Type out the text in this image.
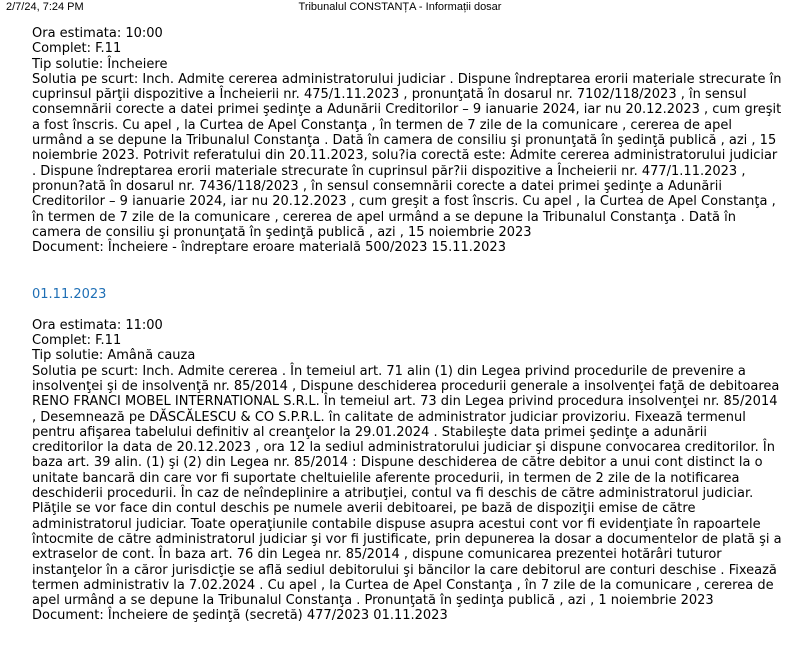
2/7/24, 7:24 PM	Tribunalul CONSTANȚA - Informații dosar

Ora estimata: 10:00

Complet: F.11

Tip solutie: Încheiere

Solutia pe scurt: Inch. Admite cererea administratorului judiciar . Dispune îndreptarea erorii materiale strecurate în cuprinsul părţii dispozitive a Încheierii nr. 475/1.11.2023 , pronunţată în dosarul nr. 7102/118/2023 , în sensul consemnării corecte a datei primei şedinţe a Adunării Creditorilor – 9 ianuarie 2024, iar nu 20.12.2023 , cum greşit a fost înscris. Cu apel , la Curtea de Apel Constanţa , în termen de 7 zile de la comunicare , cererea de apel urmând a se depune la Tribunalul Constanţa . Dată în camera de consiliu şi pronunţată în şedinţă publică , azi , 15 noiembrie 2023. Potrivit referatului din 20.11.2023, solu?ia corectă este: Admite cererea administratorului judiciar . Dispune îndreptarea erorii materiale strecurate în cuprinsul păr?ii dispozitive a Încheierii nr. 477/1.11.2023 , pronun?ată în dosarul nr. 7436/118/2023 , în sensul consemnării corecte a datei primei şedinţe a Adunării Creditorilor – 9 ianuarie 2024, iar nu 20.12.2023 , cum greşit a fost înscris. Cu apel , la Curtea de Apel Constanţa , în termen de 7 zile de la comunicare , cererea de apel urmând a se depune la Tribunalul Constanţa . Dată în camera de consiliu şi pronunţată în şedinţă publică , azi , 15 noiembrie 2023

Document: Încheiere - îndreptare eroare materială 500/2023 15.11.2023

01.11.2023

Ora estimata: 11:00

Complet: F.11

Tip solutie: Amână cauza

Solutia pe scurt: Inch. Admite cererea . În temeiul art. 71 alin (1) din Legea privind procedurile de prevenire a insolvenţei şi de insolvenţă nr. 85/2014 , Dispune deschiderea procedurii generale a insolvenţei faţă de debitoarea RENO FRANCI MOBEL INTERNATIONAL S.R.L. În temeiul art. 73 din Legea privind procedura insolvenţei nr. 85/2014 , Desemnează pe DĂSCĂLESCU & CO S.P.R.L. în calitate de administrator judiciar provizoriu. Fixează termenul pentru afişarea tabelului definitiv al creanţelor la 29.01.2024 . Stabileşte data primei şedinţe a adunării creditorilor la data de 20.12.2023 , ora 12 la sediul administratorului judiciar şi dispune convocarea creditorilor. În baza art. 39 alin. (1) şi (2) din Legea nr. 85/2014 : Dispune deschiderea de către debitor a unui cont distinct la o unitate bancară din care vor fi suportate cheltuielile aferente procedurii, in termen de 2 zile de la notificarea deschiderii procedurii. În caz de neîndeplinire a atribuţiei, contul va fi deschis de către administratorul judiciar. Plăţile se vor face din contul deschis pe numele averii debitoarei, pe bază de dispoziţii emise de către administratorul judiciar. Toate operaţiunile contabile dispuse asupra acestui cont vor fi evidenţiate în rapoartele întocmite de către administratorul judiciar şi vor fi justificate, prin depunerea la dosar a documentelor de plată şi a extraselor de cont. În baza art. 76 din Legea nr. 85/2014 , dispune comunicarea prezentei hotărâri tuturor instanţelor în a căror jurisdicţie se află sediul debitorului şi băncilor la care debitorul are conturi deschise . Fixează termen administrativ la 7.02.2024 . Cu apel , la Curtea de Apel Constanţa , în 7 zile de la comunicare , cererea de apel urmând a se depune la Tribunalul Constanţa . Pronunţată în şedinţa publică , azi , 1 noiembrie 2023

Document: Încheiere de şedinţă (secretă) 477/2023 01.11.2023
